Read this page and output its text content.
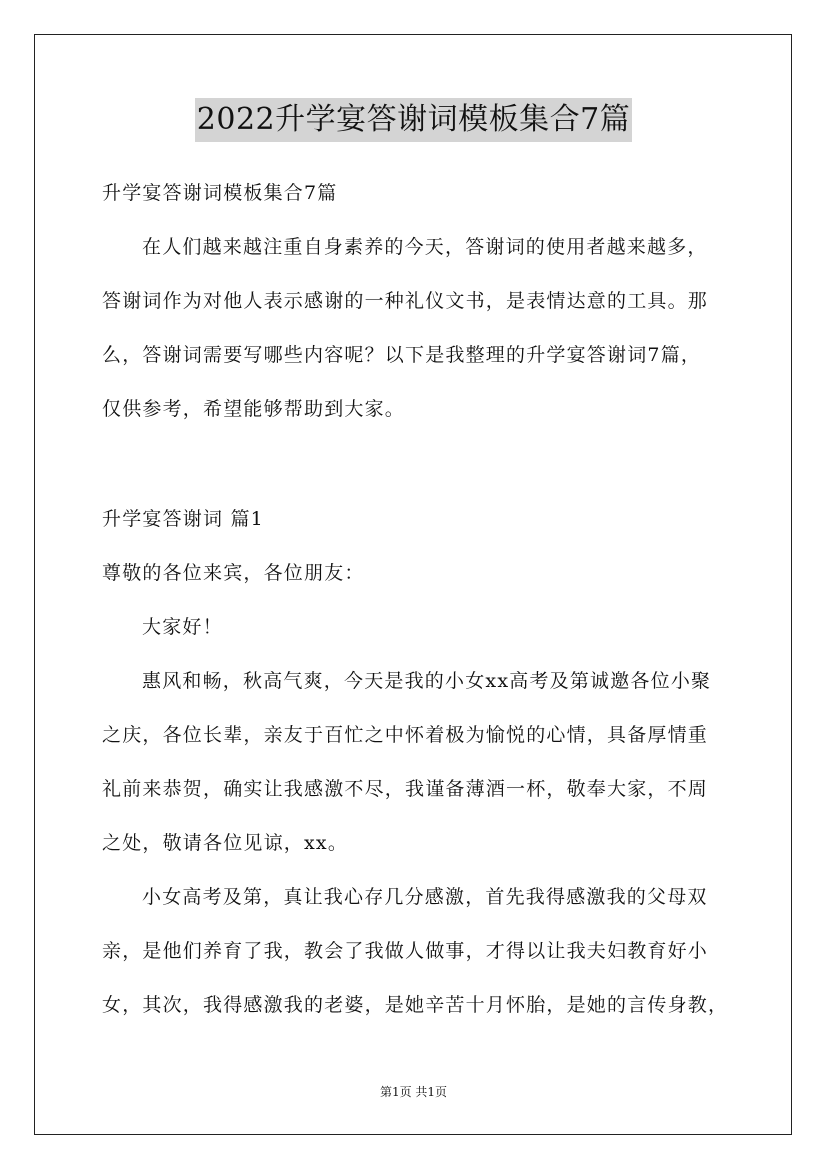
2022升学宴答谢词模板集合7篇
升学宴答谢词模板集合7篇
在人们越来越注重自身素养的今天，答谢词的使用者越来越多，
答谢词作为对他人表示感谢的一种礼仪文书，是表情达意的工具。那
么，答谢词需要写哪些内容呢？以下是我整理的升学宴答谢词7篇，
仅供参考，希望能够帮助到大家。
升学宴答谢词 篇1
尊敬的各位来宾，各位朋友：
大家好！
惠风和畅，秋高气爽，今天是我的小女xx高考及第诚邀各位小聚
之庆，各位长辈，亲友于百忙之中怀着极为愉悦的心情，具备厚情重
礼前来恭贺，确实让我感激不尽，我谨备薄酒一杯，敬奉大家，不周
之处，敬请各位见谅，xx。
小女高考及第，真让我心存几分感激，首先我得感激我的父母双
亲，是他们养育了我，教会了我做人做事，才得以让我夫妇教育好小
女，其次，我得感激我的老婆，是她辛苦十月怀胎，是她的言传身教，
第1页 共1页
